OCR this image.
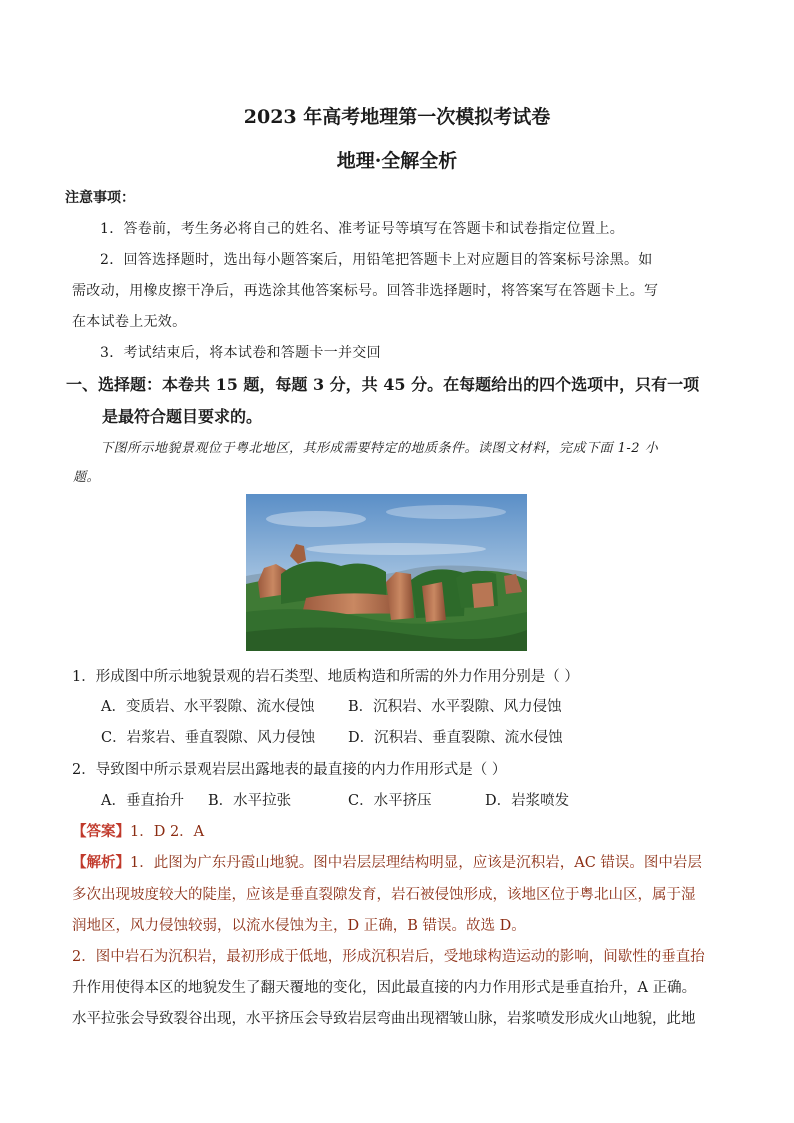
2023 年高考地理第一次模拟考试卷
地理·全解全析
注意事项：
1．答卷前，考生务必将自己的姓名、准考证号等填写在答题卡和试卷指定位置上。
2．回答选择题时，选出每小题答案后，用铅笔把答题卡上对应题目的答案标号涂黑。如
需改动，用橡皮擦干净后，再选涂其他答案标号。回答非选择题时，将答案写在答题卡上。写
在本试卷上无效。
3．考试结束后，将本试卷和答题卡一并交回
一、选择题：本卷共 15 题，每题 3 分，共 45 分。在每题给出的四个选项中，只有一项
是最符合题目要求的。
下图所示地貌景观位于粤北地区，其形成需要特定的地质条件。读图文材料，完成下面 1-2 小
题。
1．形成图中所示地貌景观的岩石类型、地质构造和所需的外力作用分别是（ ）
A．变质岩、水平裂隙、流水侵蚀 B．沉积岩、水平裂隙、风力侵蚀
C．岩浆岩、垂直裂隙、风力侵蚀 D．沉积岩、垂直裂隙、流水侵蚀
2．导致图中所示景观岩层出露地表的最直接的内力作用形式是（ ）
A．垂直抬升 B．水平拉张	C．水平挤压	D．岩浆喷发
【答案】1．D 2．A
【解析】1．此图为广东丹霞山地貌。图中岩层层理结构明显，应该是沉积岩，AC 错误。图中岩层
多次出现坡度较大的陡崖，应该是垂直裂隙发育，岩石被侵蚀形成，该地区位于粤北山区，属于湿
润地区，风力侵蚀较弱，以流水侵蚀为主，D 正确，B 错误。故选 D。
2．图中岩石为沉积岩，最初形成于低地，形成沉积岩后，受地球构造运动的影响，间歇性的垂直抬
升作用使得本区的地貌发生了翻天覆地的变化，因此最直接的内力作用形式是垂直抬升，A 正确。
水平拉张会导致裂谷出现，水平挤压会导致岩层弯曲出现褶皱山脉，岩浆喷发形成火山地貌，此地
